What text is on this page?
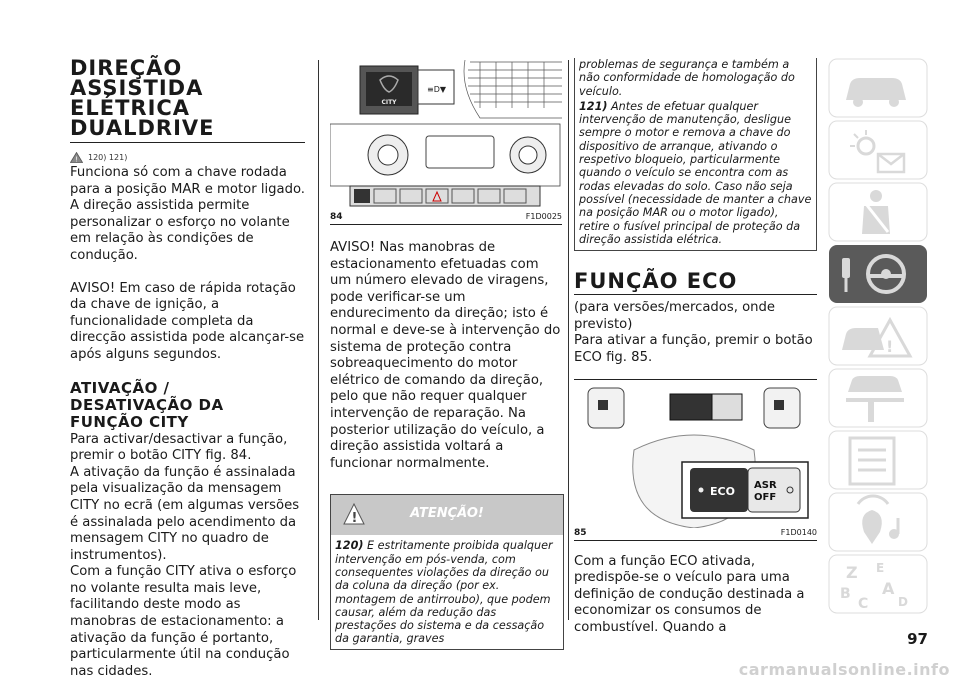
DIREÇÃO ASSISTIDA
ELÉTRICA
DUALDRIVE
! 120) 121)

Funciona só com a chave rodada para a posição MAR e motor ligado. A direção assistida permite personalizar o esforço no volante em relação às condições de condução.

AVISO! Em caso de rápida rotação da chave de ignição, a funcionalidade completa da direcção assistida pode alcançar-se após alguns segundos.

ATIVAÇÃO /
DESATIVAÇÃO DA
FUNÇÃO CITY

Para activar/desactivar a função, premir o botão CITY fig. 84.

A ativação da função é assinalada pela visualização da mensagem CITY no ecrã (em algumas versões é assinalada pelo acendimento da mensagem CITY no quadro de instrumentos).

Com a função CITY ativa o esforço no volante resulta mais leve, facilitando deste modo as manobras de estacionamento: a ativação da função é portanto, particularmente útil na condução nas cidades.

CITY
≡D▼
84	F1D0025

AVISO! Nas manobras de estacionamento efetuadas com um número elevado de viragens, pode verificar-se um endurecimento da direção; isto é normal e deve-se à intervenção do sistema de proteção contra sobreaquecimento do motor elétrico de comando da direção, pelo que não requer qualquer intervenção de reparação. Na posterior utilização do veículo, a direção assistida voltará a funcionar normalmente.

!	ATENÇÃO!

120) E estritamente proibida qualquer intervenção em pós-venda, com consequentes violações da direção ou da coluna da direção (por ex. montagem de antirroubo), que podem causar, além da redução das prestações do sistema e da cessação da garantia, graves

problemas de segurança e também a não conformidade de homologação do veículo.

121) Antes de efetuar qualquer intervenção de manutenção, desligue sempre o motor e remova a chave do dispositivo de arranque, ativando o respetivo bloqueio, particularmente quando o veículo se encontra com as rodas elevadas do solo. Caso não seja possível (necessidade de manter a chave na posição MAR ou o motor ligado), retire o fusível principal de proteção da direção assistida elétrica.

FUNÇÃO ECO

(para versões/mercados, onde previsto)

Para ativar a função, premir o botão ECO fig. 85.

ECO ASR
OFF
85	F1D0140

Com a função ECO ativada, predispõe-se o veículo para uma definição de condução destinada a economizar os consumos de combustível. Quando a

!
Z E
B A
C D
97
carmanualsonline.info
